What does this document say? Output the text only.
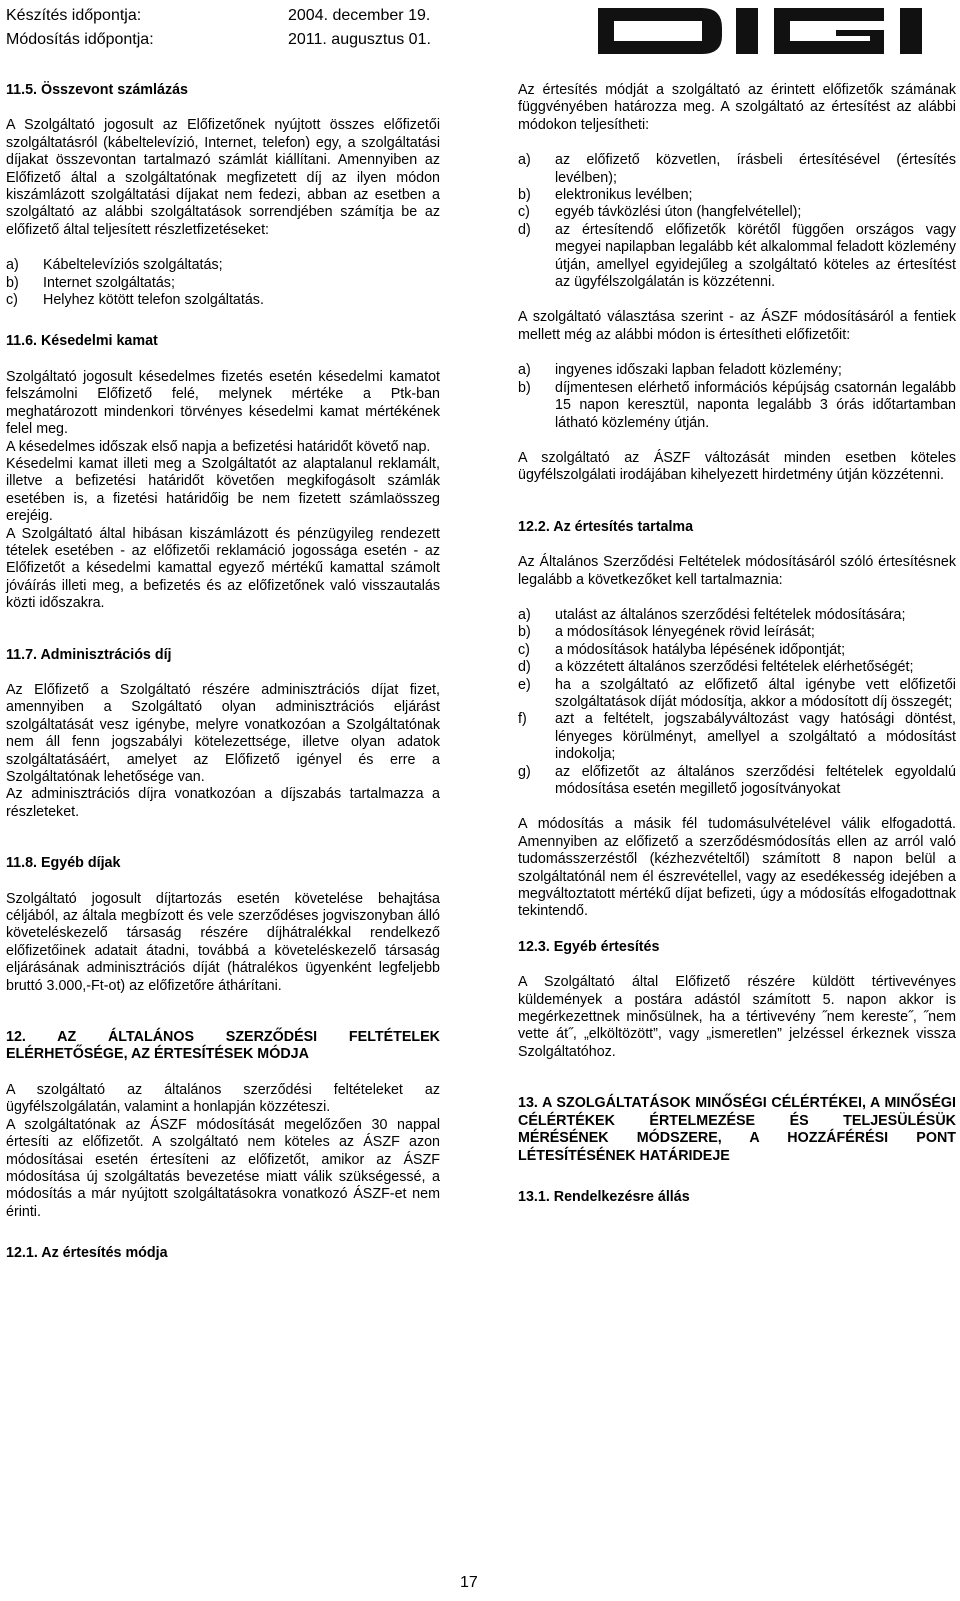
Készítés időpontja:	2004. december 19.
Módosítás időpontja:	2011. augusztus 01.
11.5. Összevont számlázás

A Szolgáltató jogosult az Előfizetőnek nyújtott összes előfizetői szolgáltatásról (kábeltelevízió, Internet, telefon) egy, a szolgáltatási díjakat összevontan tartalmazó számlát kiállítani. Amennyiben az Előfizető által a szolgáltatónak megfizetett díj az ilyen módon kiszámlázott szolgáltatási díjakat nem fedezi, abban az esetben a szolgáltató az alábbi szolgáltatások sorrendjében számítja be az előfizető által teljesített részletfizetéseket:

a)	Kábeltelevíziós szolgáltatás;
b)	Internet szolgáltatás;
c)	Helyhez kötött telefon szolgáltatás.
11.6. Késedelmi kamat

Szolgáltató jogosult késedelmes fizetés esetén késedelmi kamatot felszámolni Előfizető felé, melynek mértéke a Ptk-ban meghatározott mindenkori törvényes késedelmi kamat mértékének felel meg.

A késedelmes időszak első napja a befizetési határidőt követő nap.

Késedelmi kamat illeti meg a Szolgáltatót az alaptalanul reklamált, illetve a befizetési határidőt követően megkifogásolt számlák esetében is, a fizetési határidőig be nem fizetett számlaösszeg erejéig.

A Szolgáltató által hibásan kiszámlázott és pénzügyileg rendezett tételek esetében - az előfizetői reklamáció jogossága esetén - az Előfizetőt a késedelmi kamattal egyező mértékű kamattal számolt jóváírás illeti meg, a befizetés és az előfizetőnek való visszautalás közti időszakra.

11.7. Adminisztrációs díj

Az Előfizető a Szolgáltató részére adminisztrációs díjat fizet, amennyiben a Szolgáltató olyan adminisztrációs eljárást szolgáltatását vesz igénybe, melyre vonatkozóan a Szolgáltatónak nem áll fenn jogszabályi kötelezettsége, illetve olyan adatok szolgáltatásáért, amelyet az Előfizető igényel és erre a Szolgáltatónak lehetősége van.

Az adminisztrációs díjra vonatkozóan a díjszabás tartalmazza a részleteket.

11.8. Egyéb díjak

Szolgáltató jogosult díjtartozás esetén követelése behajtása céljából, az általa megbízott és vele szerződéses jogviszonyban álló követeléskezelő társaság részére díjhátralékkal rendelkező előfizetőinek adatait átadni, továbbá a követeléskezelő társaság eljárásának adminisztrációs díját (hátralékos ügyenként legfeljebb bruttó 3.000,-Ft-ot) az előfizetőre áthárítani.

12. AZ ÁLTALÁNOS SZERZŐDÉSI FELTÉTELEK ELÉRHETŐSÉGE, AZ ÉRTESÍTÉSEK MÓDJA

A szolgáltató az általános szerződési feltételeket az ügyfélszolgálatán, valamint a honlapján közzéteszi.

A szolgáltatónak az ÁSZF módosítását megelőzően 30 nappal értesíti az előfizetőt. A szolgáltató nem köteles az ÁSZF azon módosításai esetén értesíteni az előfizetőt, amikor az ÁSZF módosítása új szolgáltatás bevezetése miatt válik szükségessé, a módosítás a már nyújtott szolgáltatásokra vonatkozó ÁSZF-et nem érinti.

12.1. Az értesítés módja

Az értesítés módját a szolgáltató az érintett előfizetők számának függvényében határozza meg. A szolgáltató az értesítést az alábbi módokon teljesítheti:

a)	az előfizető közvetlen, írásbeli értesítésével (értesítés levélben);
b)	elektronikus levélben;
c)	egyéb távközlési úton (hangfelvétellel);
d)	az értesítendő előfizetők körétől függően országos vagy megyei napilapban legalább két alkalommal feladott közlemény útján, amellyel egyidejűleg a szolgáltató köteles az értesítést az ügyfélszolgálatán is közzétenni.

A szolgáltató választása szerint - az ÁSZF módosításáról a fentiek mellett még az alábbi módon is értesítheti előfizetőit:

a)	ingyenes időszaki lapban feladott közlemény;
b)	díjmentesen elérhető információs képújság csatornán legalább 15 napon keresztül, naponta legalább 3 órás időtartamban látható közlemény útján.

A szolgáltató az ÁSZF változását minden esetben köteles ügyfélszolgálati irodájában kihelyezett hirdetmény útján közzétenni.

12.2. Az értesítés tartalma

Az Általános Szerződési Feltételek módosításáról szóló értesítésnek legalább a következőket kell tartalmaznia:

a)	utalást az általános szerződési feltételek módosítására;
b)	a módosítások lényegének rövid leírását;
c)	a módosítások hatályba lépésének időpontját;
d)	a közzétett általános szerződési feltételek elérhetőségét;
e)	ha a szolgáltató az előfizető által igénybe vett előfizetői szolgáltatások díját módosítja, akkor a módosított díj összegét;
f)	azt a feltételt, jogszabályváltozást vagy hatósági döntést, lényeges körülményt, amellyel a szolgáltató a módosítást indokolja;
g)	az előfizetőt az általános szerződési feltételek egyoldalú módosítása esetén megillető jogosítványokat

A módosítás a másik fél tudomásulvételével válik elfogadottá. Amennyiben az előfizető a szerződésmódosítás ellen az arról való tudomásszerzéstől (kézhezvételtől) számított 8 napon belül a szolgáltatónál nem él észrevétellel, vagy az esedékesség idejében a megváltoztatott mértékű díjat befizeti, úgy a módosítás elfogadottnak tekintendő.

12.3. Egyéb értesítés

A Szolgáltató által Előfizető részére küldött tértivevényes küldemények a postára adástól számított 5. napon akkor is megérkezettnek minősülnek, ha a tértivevény ˝nem kereste˝, ˝nem vette át˝, „elköltözött”, vagy „ismeretlen” jelzéssel érkeznek vissza Szolgáltatóhoz.

13. A SZOLGÁLTATÁSOK MINŐSÉGI CÉLÉRTÉKEI, A MINŐSÉGI CÉLÉRTÉKEK ÉRTELMEZÉSE ÉS TELJESÜLÉSÜK MÉRÉSÉNEK MÓDSZERE, A HOZZÁFÉRÉSI PONT LÉTESÍTÉSÉNEK HATÁRIDEJE
13.1. Rendelkezésre állás
17
